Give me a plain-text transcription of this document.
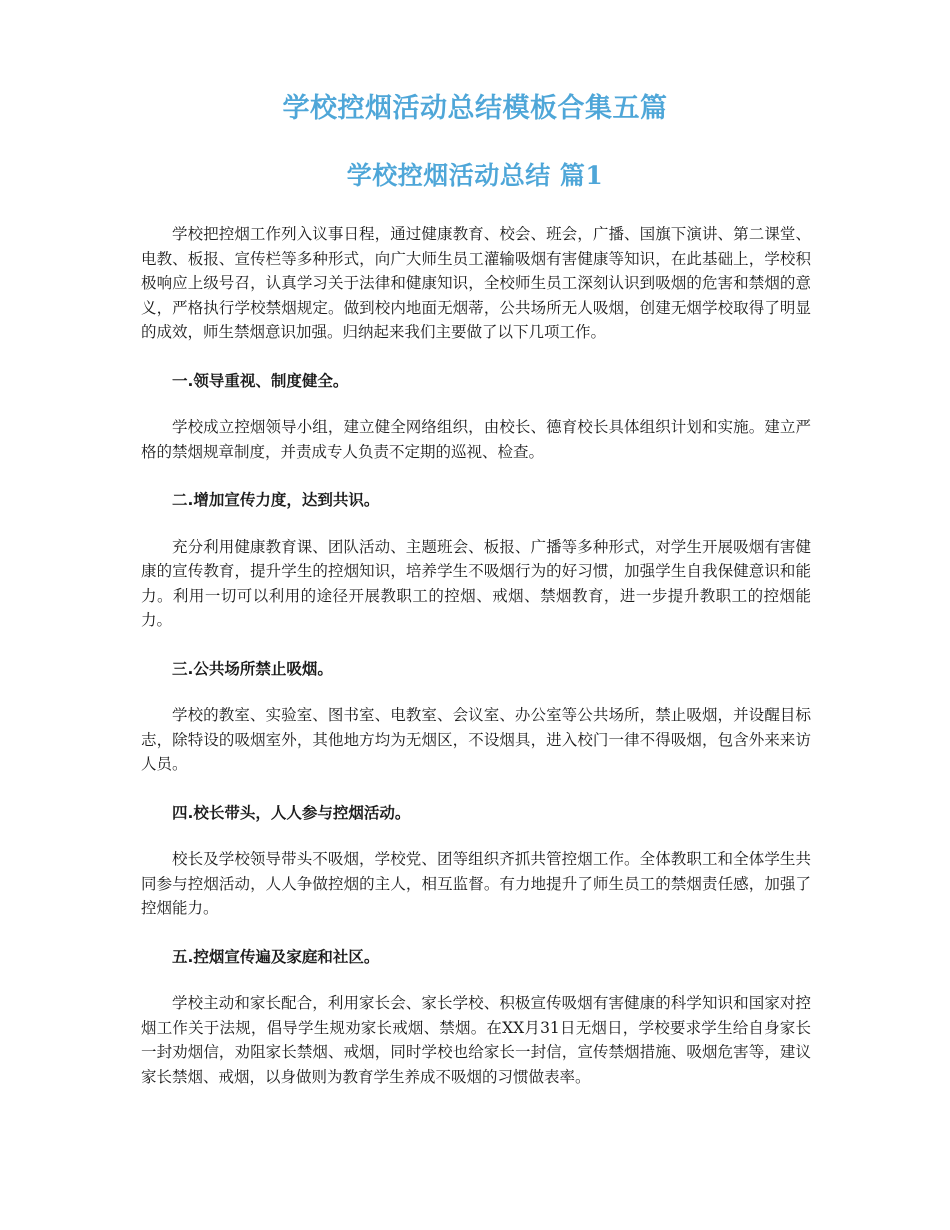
学校控烟活动总结模板合集五篇
学校控烟活动总结 篇1

学校把控烟工作列入议事日程，通过健康教育、校会、班会，广播、国旗下演讲、第二课堂、电教、板报、宣传栏等多种形式，向广大师生员工灌输吸烟有害健康等知识，在此基础上，学校积极响应上级号召，认真学习关于法律和健康知识，全校师生员工深刻认识到吸烟的危害和禁烟的意义，严格执行学校禁烟规定。做到校内地面无烟蒂，公共场所无人吸烟，创建无烟学校取得了明显的成效，师生禁烟意识加强。归纳起来我们主要做了以下几项工作。

一.领导重视、制度健全。

学校成立控烟领导小组，建立健全网络组织，由校长、德育校长具体组织计划和实施。建立严格的禁烟规章制度，并责成专人负责不定期的巡视、检查。

二.增加宣传力度，达到共识。

充分利用健康教育课、团队活动、主题班会、板报、广播等多种形式，对学生开展吸烟有害健康的宣传教育，提升学生的控烟知识，培养学生不吸烟行为的好习惯，加强学生自我保健意识和能力。利用一切可以利用的途径开展教职工的控烟、戒烟、禁烟教育，进一步提升教职工的控烟能力。

三.公共场所禁止吸烟。

学校的教室、实验室、图书室、电教室、会议室、办公室等公共场所，禁止吸烟，并设醒目标志，除特设的吸烟室外，其他地方均为无烟区，不设烟具，进入校门一律不得吸烟，包含外来来访人员。

四.校长带头，人人参与控烟活动。

校长及学校领导带头不吸烟，学校党、团等组织齐抓共管控烟工作。全体教职工和全体学生共同参与控烟活动，人人争做控烟的主人，相互监督。有力地提升了师生员工的禁烟责任感，加强了控烟能力。

五.控烟宣传遍及家庭和社区。

学校主动和家长配合，利用家长会、家长学校、积极宣传吸烟有害健康的科学知识和国家对控烟工作关于法规，倡导学生规劝家长戒烟、禁烟。在XX月31日无烟日，学校要求学生给自身家长一封劝烟信，劝阻家长禁烟、戒烟，同时学校也给家长一封信，宣传禁烟措施、吸烟危害等，建议家长禁烟、戒烟，以身做则为教育学生养成不吸烟的习惯做表率。
